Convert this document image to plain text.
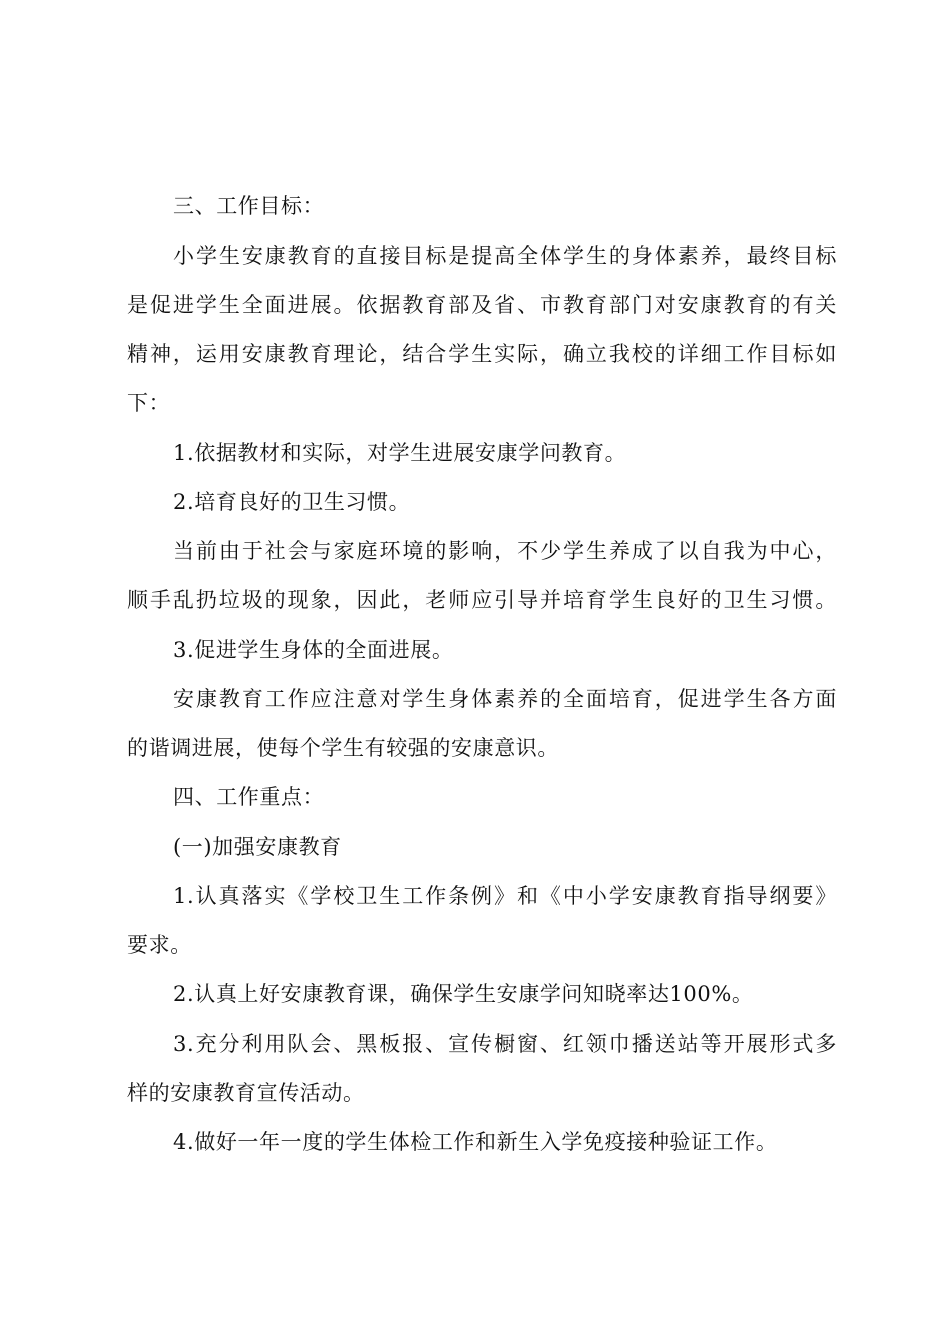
三、工作目标：
小学生安康教育的直接目标是提高全体学生的身体素养，最终目标
是促进学生全面进展。依据教育部及省、市教育部门对安康教育的有关
精神，运用安康教育理论，结合学生实际，确立我校的详细工作目标如
下：
1.依据教材和实际，对学生进展安康学问教育。
2.培育良好的卫生习惯。
当前由于社会与家庭环境的影响，不少学生养成了以自我为中心，
顺手乱扔垃圾的现象，因此，老师应引导并培育学生良好的卫生习惯。
3.促进学生身体的全面进展。
安康教育工作应注意对学生身体素养的全面培育，促进学生各方面
的谐调进展，使每个学生有较强的安康意识。
四、工作重点：
(一)加强安康教育
1.认真落实《学校卫生工作条例》和《中小学安康教育指导纲要》
要求。
2.认真上好安康教育课，确保学生安康学问知晓率达100%。
3.充分利用队会、黑板报、宣传橱窗、红领巾播送站等开展形式多
样的安康教育宣传活动。
4.做好一年一度的学生体检工作和新生入学免疫接种验证工作。
